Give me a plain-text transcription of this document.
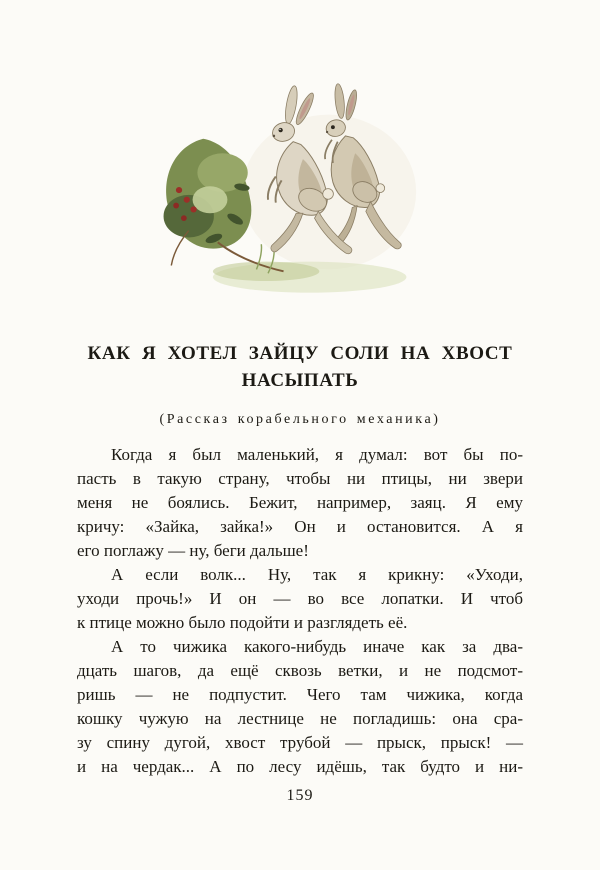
КАК Я ХОТЕЛ ЗАЙЦУ СОЛИ НА ХВОСТ
НАСЫПАТЬ
(Рассказ корабельного механика)
Когда я был маленький, я думал: вот бы по-
пасть в такую страну, чтобы ни птицы, ни звери
меня не боялись. Бежит, например, заяц. Я ему
кричу: «Зайка, зайка!» Он и остановится. А я
его поглажу — ну, беги дальше!
А если волк... Ну, так я крикну: «Уходи,
уходи прочь!» И он — во все лопатки. И чтоб
к птице можно было подойти и разглядеть её.
А то чижика какого-нибудь иначе как за два-
дцать шагов, да ещё сквозь ветки, и не подсмот-
ришь — не подпустит. Чего там чижика, когда
кошку чужую на лестнице не погладишь: она сра-
зу спину дугой, хвост трубой — прыск, прыск! —
и на чердак... А по лесу идёшь, так будто и ни-
159
